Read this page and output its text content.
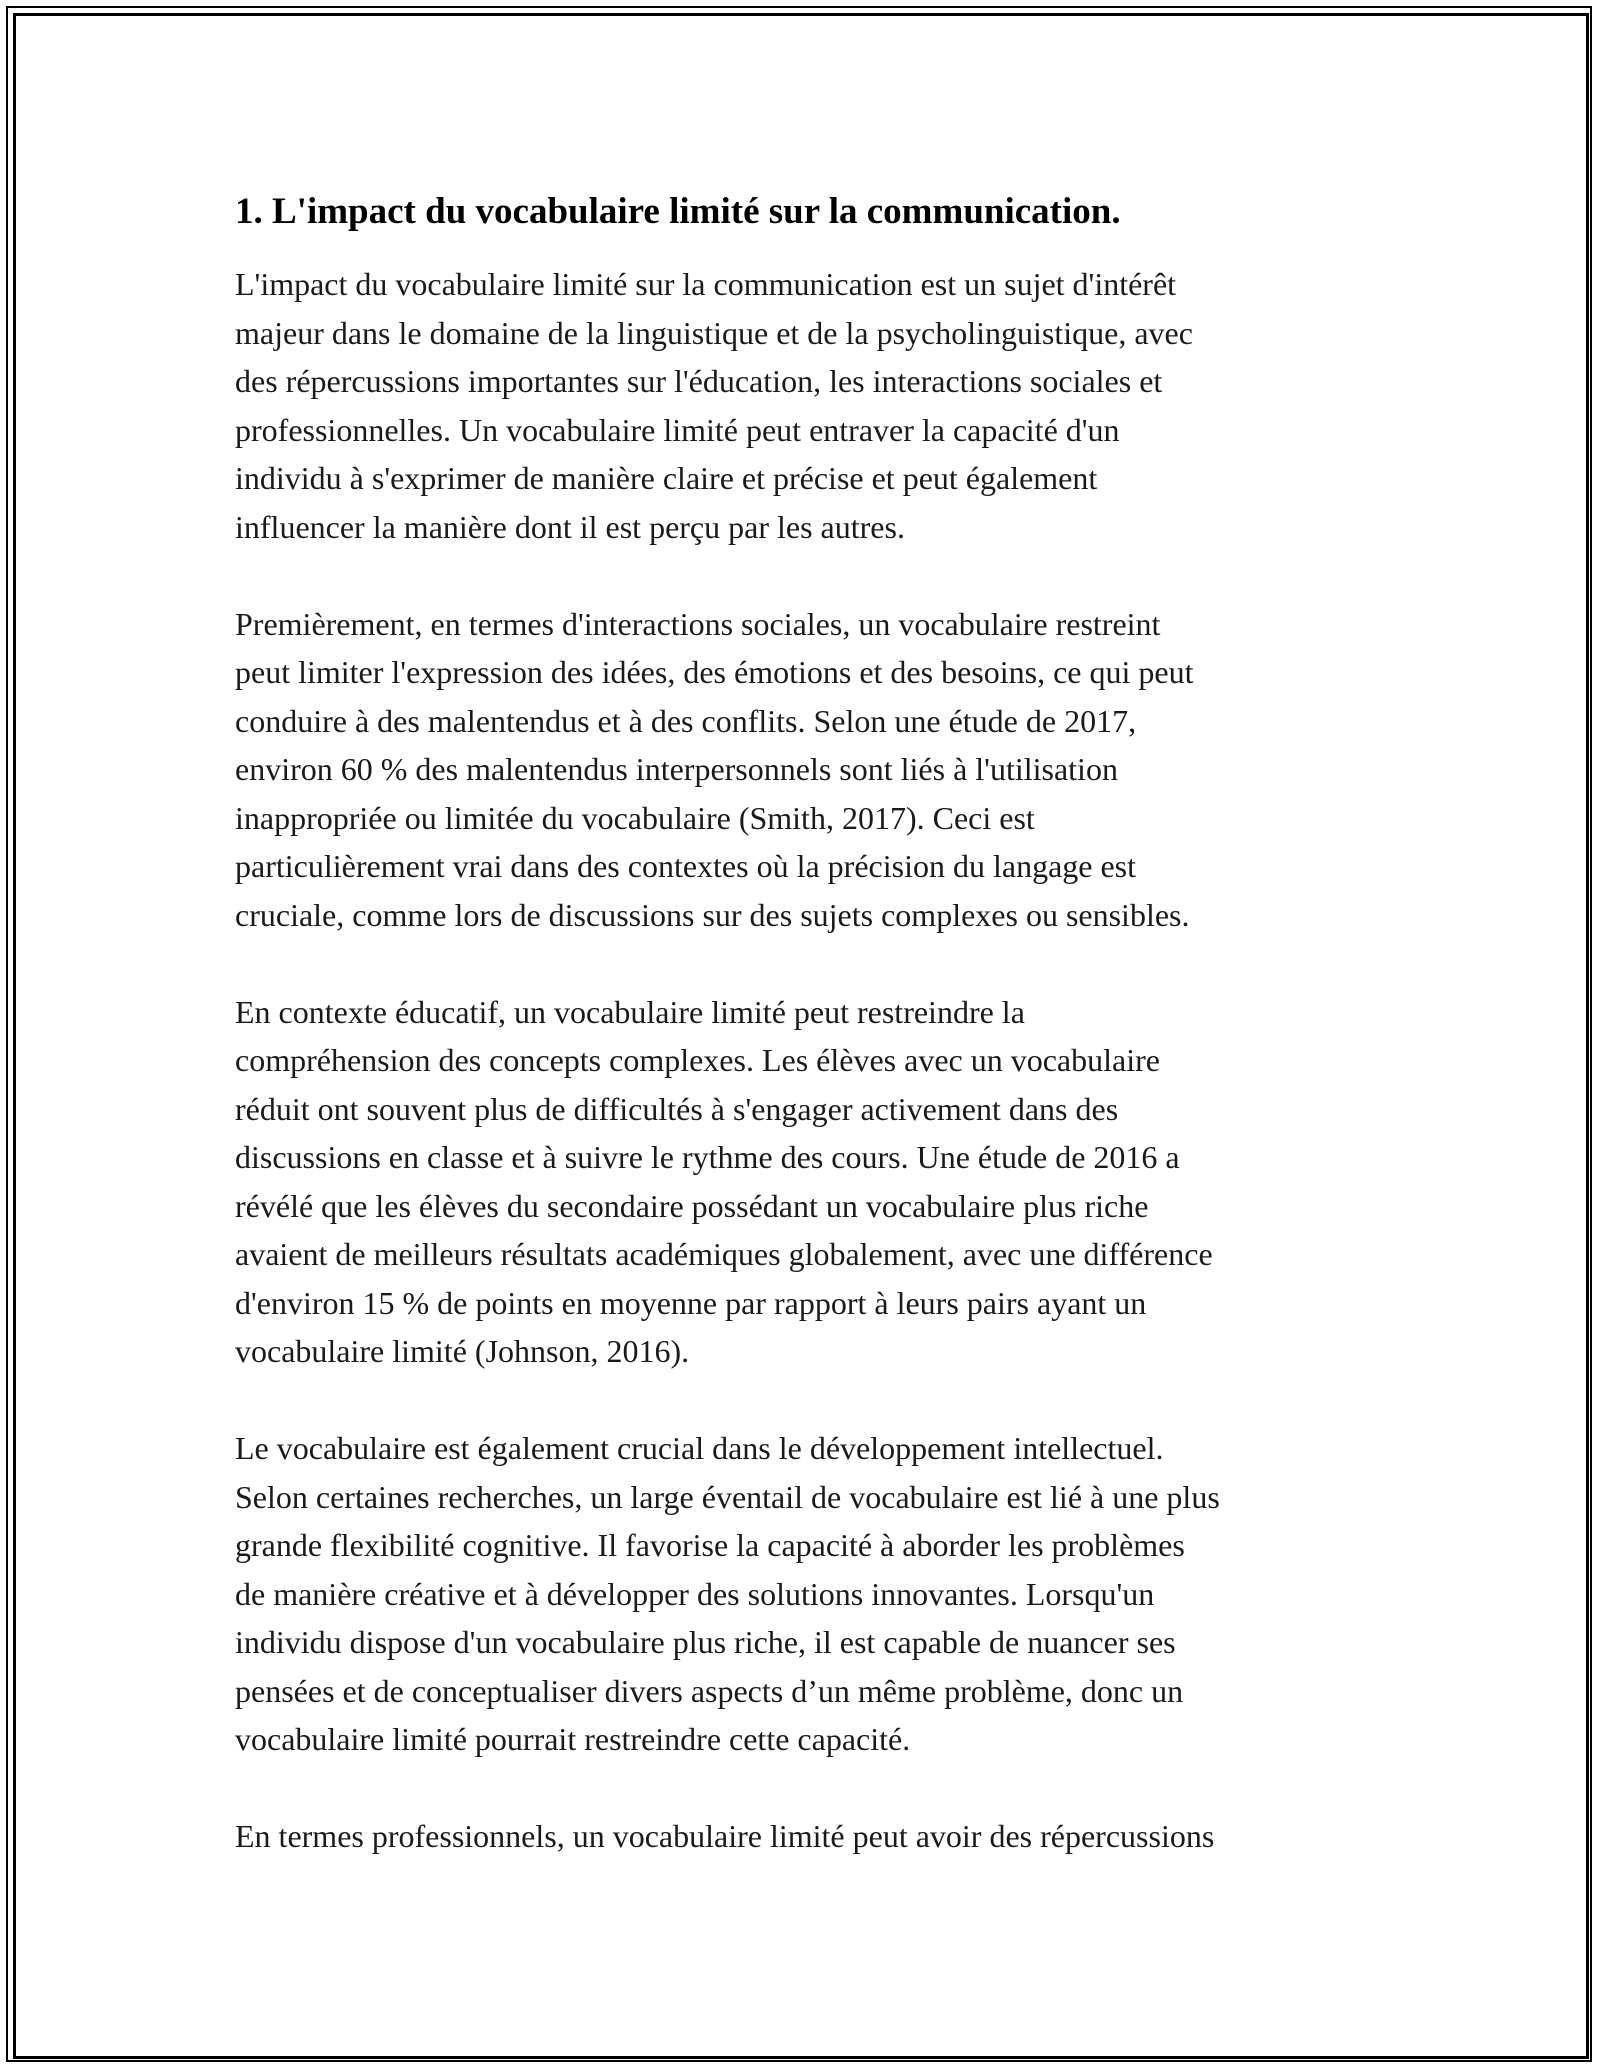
1. L'impact du vocabulaire limité sur la communication.

L'impact du vocabulaire limité sur la communication est un sujet d'intérêt
majeur dans le domaine de la linguistique et de la psycholinguistique, avec
des répercussions importantes sur l'éducation, les interactions sociales et
professionnelles. Un vocabulaire limité peut entraver la capacité d'un
individu à s'exprimer de manière claire et précise et peut également
influencer la manière dont il est perçu par les autres.

Premièrement, en termes d'interactions sociales, un vocabulaire restreint
peut limiter l'expression des idées, des émotions et des besoins, ce qui peut
conduire à des malentendus et à des conflits. Selon une étude de 2017,
environ 60 % des malentendus interpersonnels sont liés à l'utilisation
inappropriée ou limitée du vocabulaire (Smith, 2017). Ceci est
particulièrement vrai dans des contextes où la précision du langage est
cruciale, comme lors de discussions sur des sujets complexes ou sensibles.

En contexte éducatif, un vocabulaire limité peut restreindre la
compréhension des concepts complexes. Les élèves avec un vocabulaire
réduit ont souvent plus de difficultés à s'engager activement dans des
discussions en classe et à suivre le rythme des cours. Une étude de 2016 a
révélé que les élèves du secondaire possédant un vocabulaire plus riche
avaient de meilleurs résultats académiques globalement, avec une différence
d'environ 15 % de points en moyenne par rapport à leurs pairs ayant un
vocabulaire limité (Johnson, 2016).

Le vocabulaire est également crucial dans le développement intellectuel.
Selon certaines recherches, un large éventail de vocabulaire est lié à une plus
grande flexibilité cognitive. Il favorise la capacité à aborder les problèmes
de manière créative et à développer des solutions innovantes. Lorsqu'un
individu dispose d'un vocabulaire plus riche, il est capable de nuancer ses
pensées et de conceptualiser divers aspects d’un même problème, donc un
vocabulaire limité pourrait restreindre cette capacité.

En termes professionnels, un vocabulaire limité peut avoir des répercussions
